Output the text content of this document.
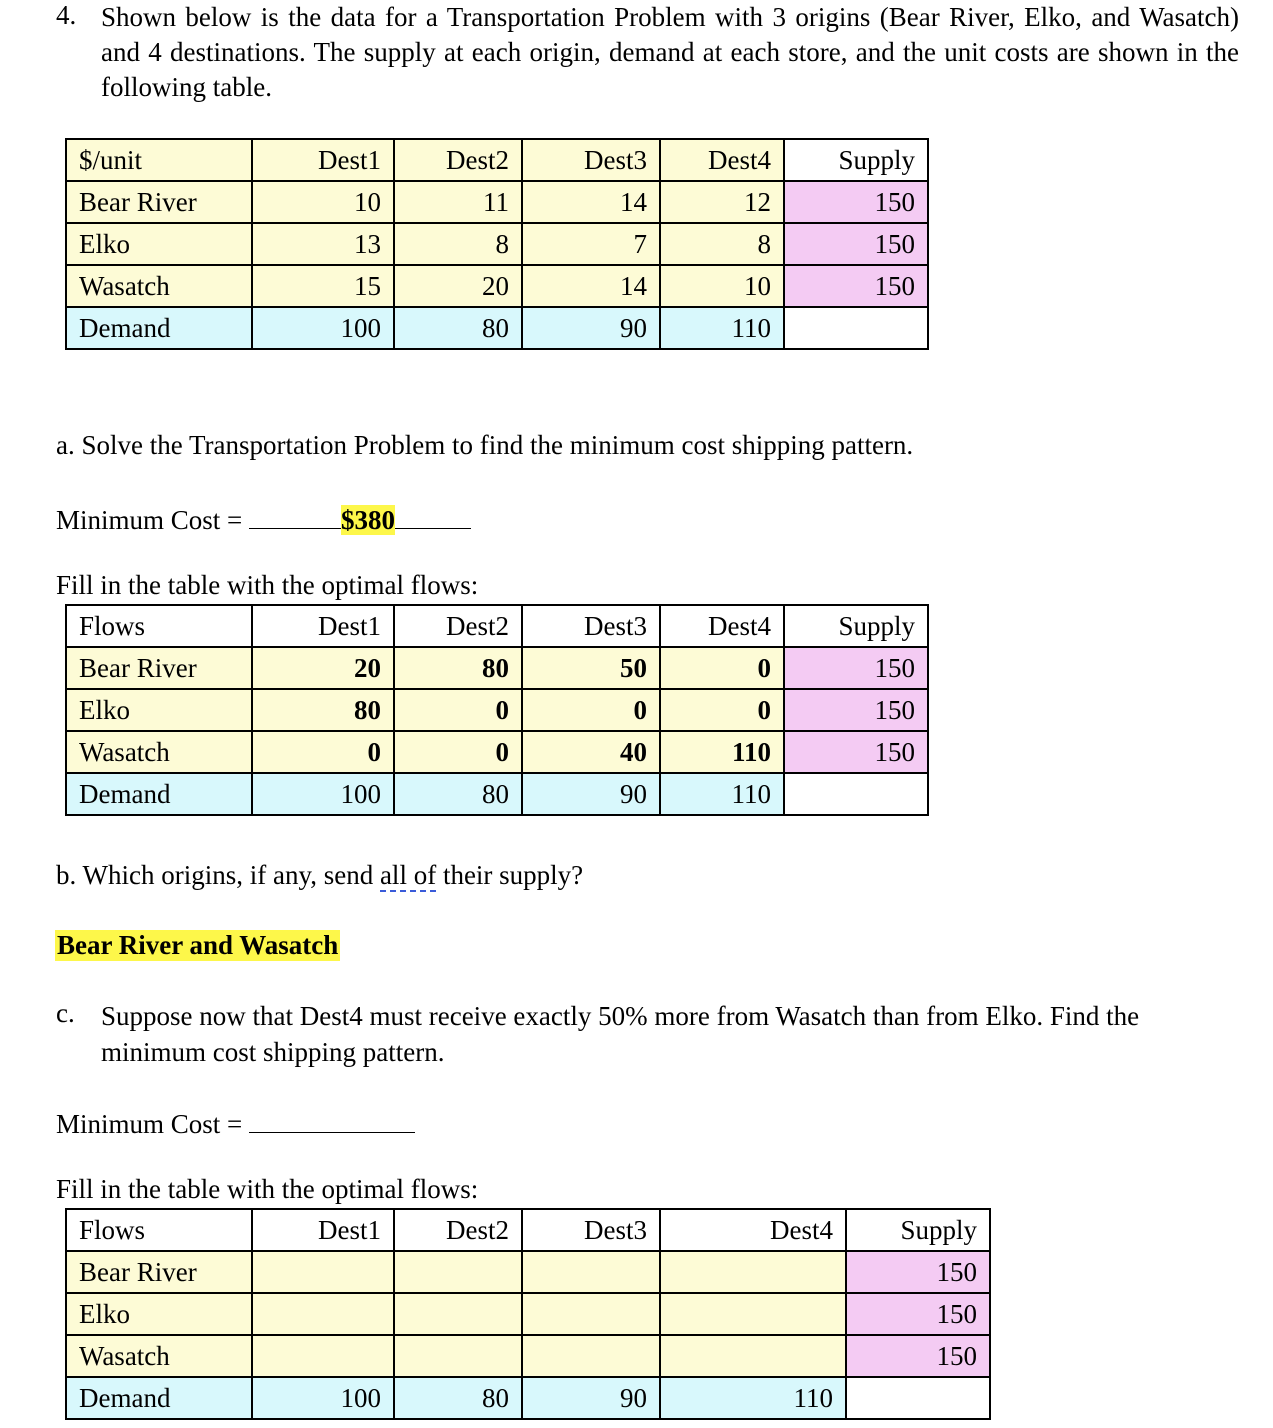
4. Shown below is the data for a Transportation Problem with 3 origins (Bear River, Elko, and Wasatch) and 4 destinations. The supply at each origin, demand at each store, and the unit costs are shown in the following table.
$/unit	Dest1	Dest2	Dest3	Dest4	Supply
Bear River	10	11	14	12	150
Elko	13	8	7	8	150
Wasatch	15	20	14	10	150
Demand	100	80	90	110	
a. Solve the Transportation Problem to find the minimum cost shipping pattern.
Minimum Cost =	$380
Fill in the table with the optimal flows:
Flows	Dest1	Dest2	Dest3	Dest4	Supply
Bear River	20	80	50	0	150
Elko	80	0	0	0	150
Wasatch	0	0	40	110	150
Demand	100	80	90	110	
b. Which origins, if any, send all of their supply?
Bear River and Wasatch
c. Suppose now that Dest4 must receive exactly 50% more from Wasatch than from Elko. Find the minimum cost shipping pattern.
Minimum Cost =
Fill in the table with the optimal flows:
Flows	Dest1	Dest2	Dest3	Dest4	Supply
Bear River					150
Elko					150
Wasatch					150
Demand	100	80	90	110	
